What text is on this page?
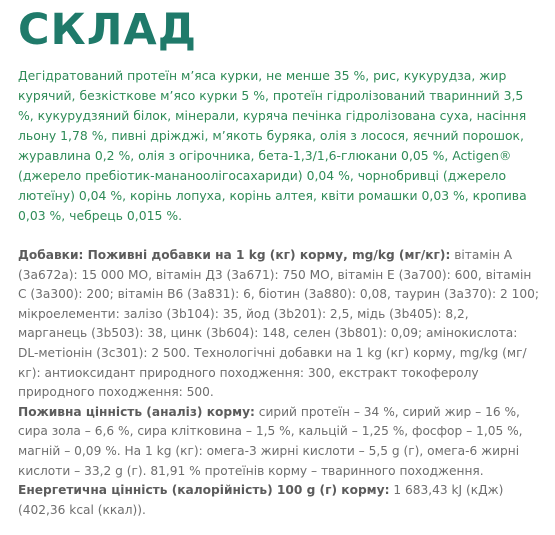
СКЛАД

Дегідратований протеїн м’яса курки, не менше 35 %, рис, кукурудза, жир курячий, безкісткове м’ясо курки 5 %, протеїн гідролізований тваринний 3,5 %, кукурудзяний білок, мінерали, куряча печінка гідролізована суха, насіння льону 1,78 %, пивні дріжджі, м’якоть буряка, олія з лосося, яєчний порошок, журавлина 0,2 %, олія з огірочника, бета-1,3/1,6-глюкани 0,05 %, Actigen® (джерело пребіотик-мананоолігосахариди) 0,04 %, чорнобривці (джерело лютеїну) 0,04 %, корінь лопуха, корінь алтея, квіти ромашки 0,03 %, кропива 0,03 %, чебрець 0,015 %.

Добавки: Поживні добавки на 1 kg (кг) корму, mg/kg (мг/кг): вітамін A (3a672a): 15 000 МО, вітамін Д3 (3a671): 750 МО, вітамін E (3a700): 600, вітамін C (3a300): 200; вітамін B6 (3a831): 6, біотин (3a880): 0,08, таурин (3a370): 2 100; мікроелементи: залізо (3b104): 35, йод (3b201): 2,5, мідь (3b405): 8,2, марганець (3b503): 38, цинк (3b604): 148, селен (3b801): 0,09; амінокислота: DL-метіонін (3c301): 2 500. Технологічні добавки на 1 kg (кг) корму, mg/kg (мг/кг): антиоксидант природного походження: 300, екстракт токоферолу природного походження: 500.

Поживна цінність (аналіз) корму: сирий протеїн – 34 %, сирий жир – 16 %, сира зола – 6,6 %, сира клітковина – 1,5 %, кальцій – 1,25 %, фосфор – 1,05 %, магній – 0,09 %. На 1 kg (кг): омега-3 жирні кислоти – 5,5 g (г), омега-6 жирні кислоти – 33,2 g (г). 81,91 % протеїнів корму – тваринного походження.

Енергетична цінність (калорійність) 100 g (г) корму: 1 683,43 kJ (кДж) (402,36 kcal (ккал)).
